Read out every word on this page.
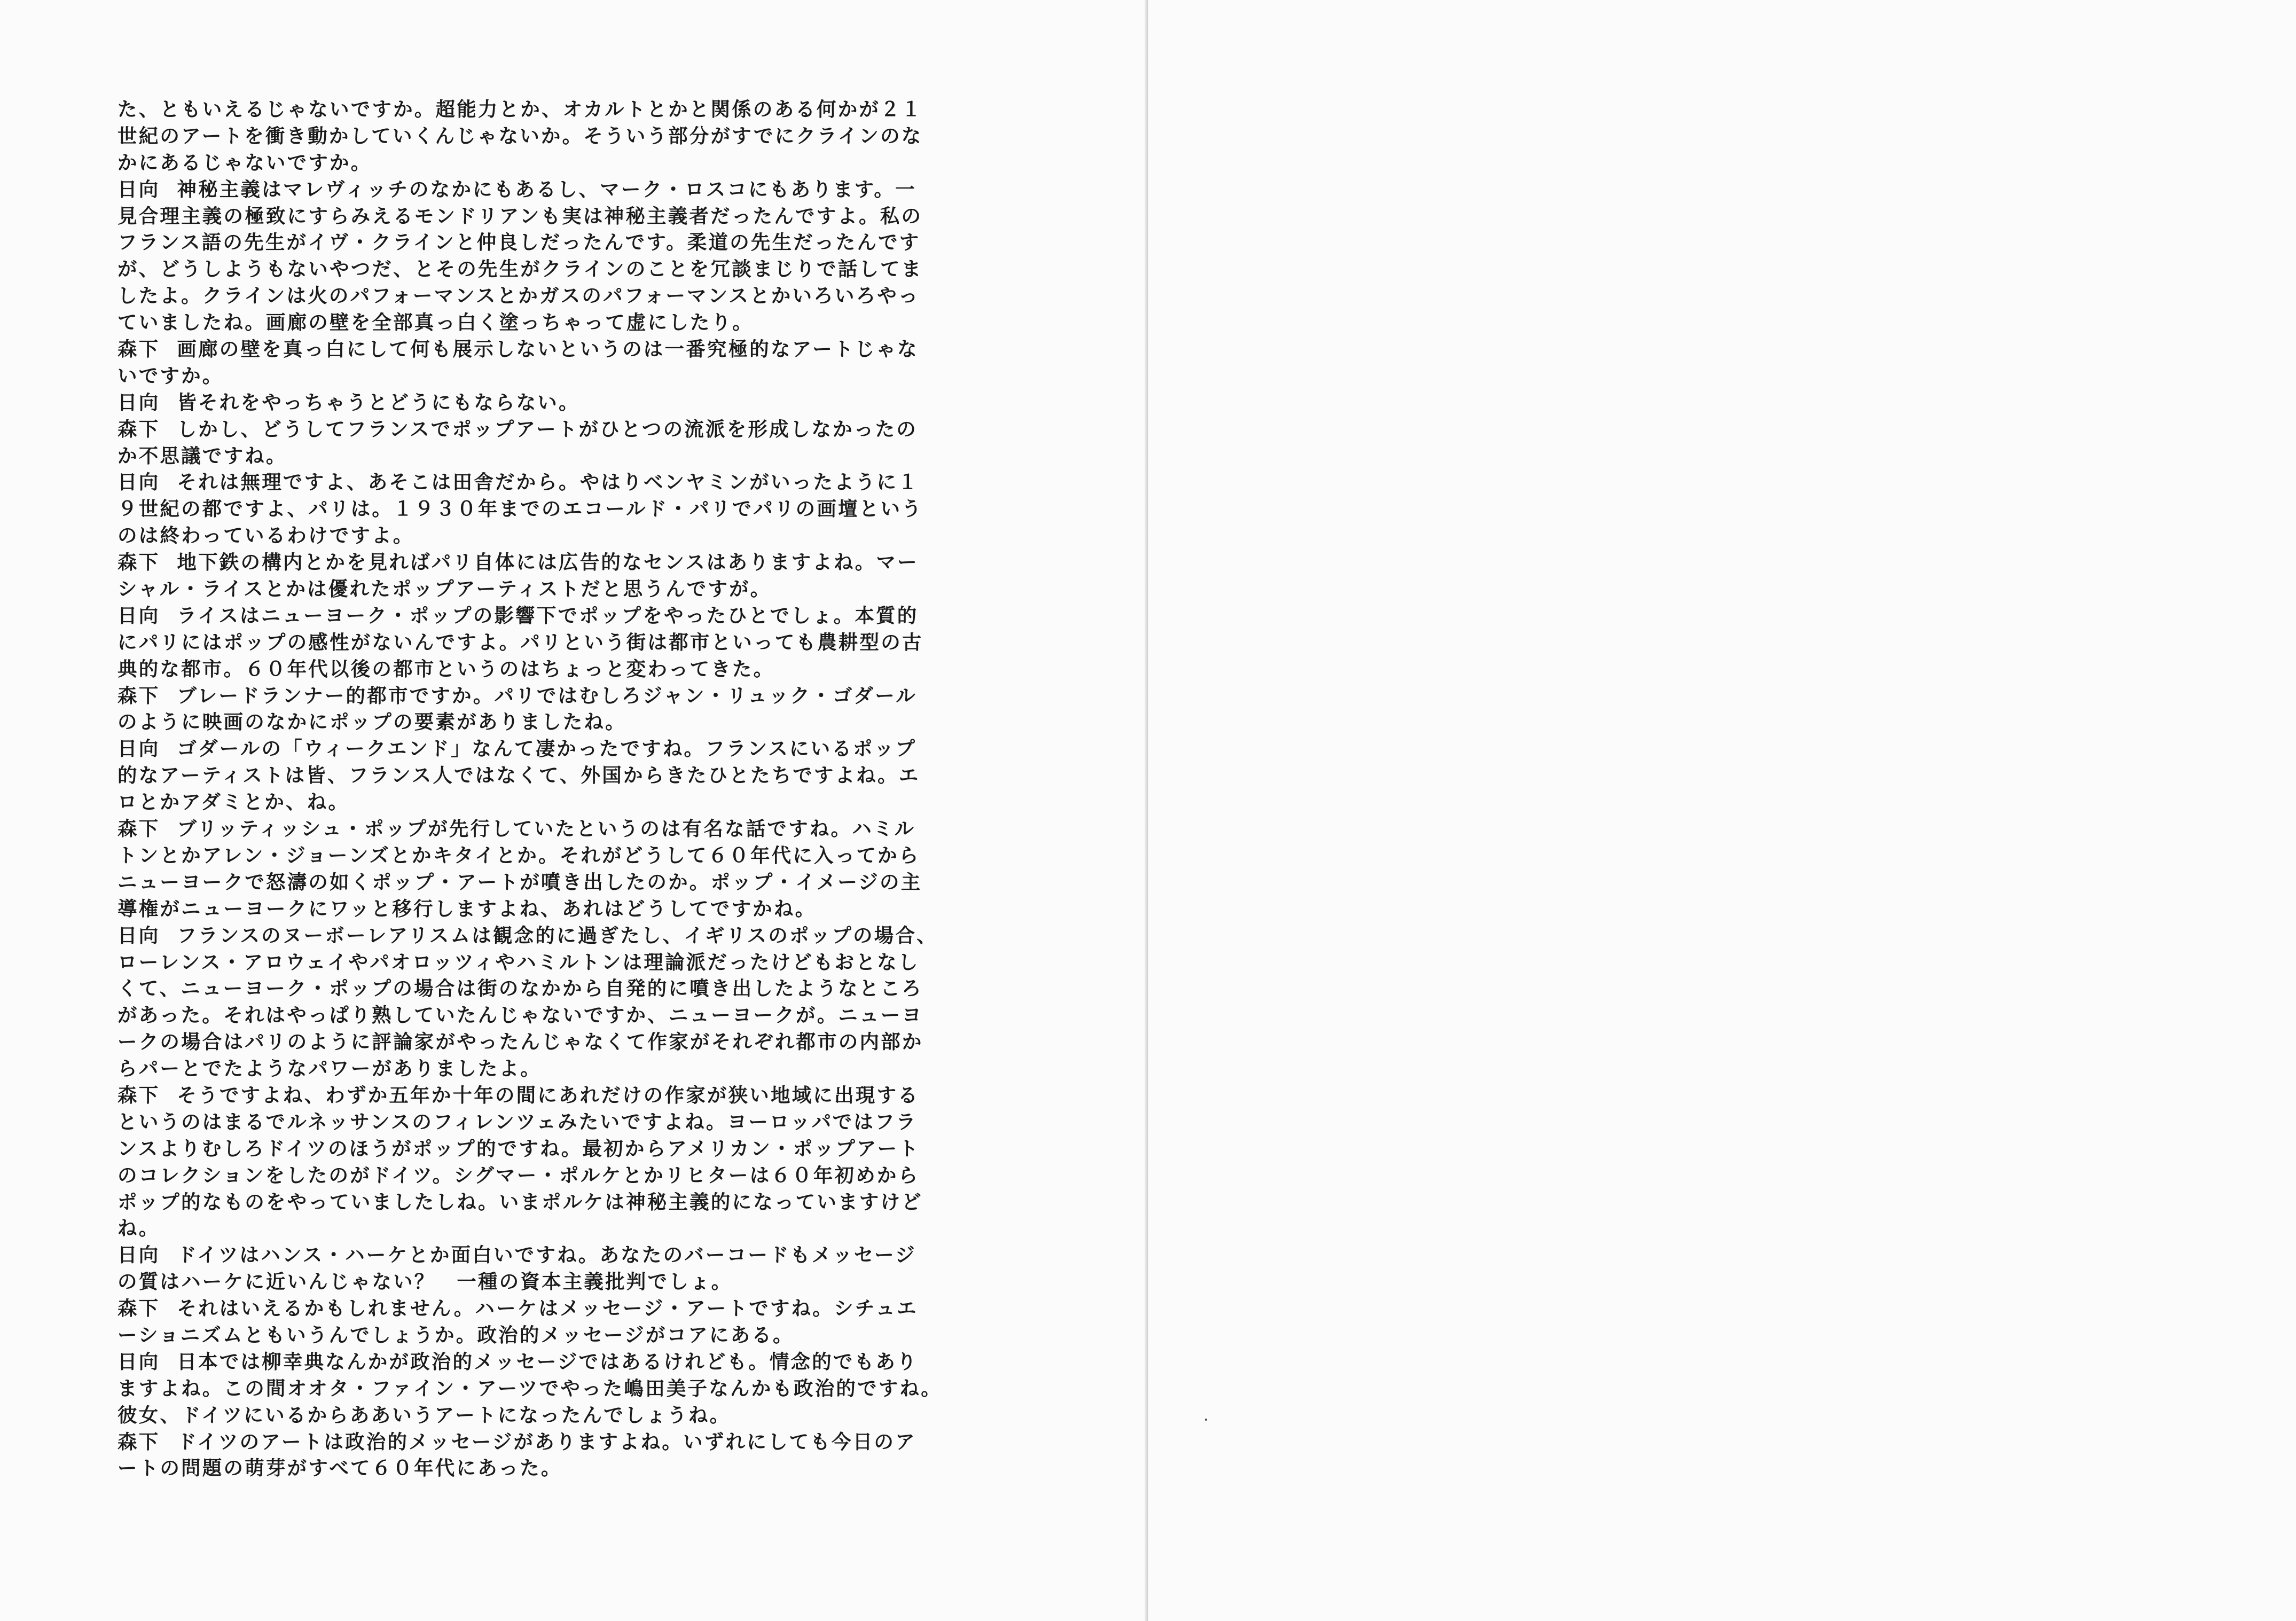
た、ともいえるじゃないですか。超能力とか、オカルトとかと関係のある何かが２１
世紀のアートを衝き動かしていくんじゃないか。そういう部分がすでにクラインのな
かにあるじゃないですか。
日向 神秘主義はマレヴィッチのなかにもあるし、マーク・ロスコにもあります。一
見合理主義の極致にすらみえるモンドリアンも実は神秘主義者だったんですよ。私の
フランス語の先生がイヴ・クラインと仲良しだったんです。柔道の先生だったんです
が、どうしようもないやつだ、とその先生がクラインのことを冗談まじりで話してま
したよ。クラインは火のパフォーマンスとかガスのパフォーマンスとかいろいろやっ
ていましたね。画廊の壁を全部真っ白く塗っちゃって虚にしたり。
森下 画廊の壁を真っ白にして何も展示しないというのは一番究極的なアートじゃな
いですか。
日向 皆それをやっちゃうとどうにもならない。
森下 しかし、どうしてフランスでポップアートがひとつの流派を形成しなかったの
か不思議ですね。
日向 それは無理ですよ、あそこは田舎だから。やはりベンヤミンがいったように１
９世紀の都ですよ、パリは。１９３０年までのエコールド・パリでパリの画壇という
のは終わっているわけですよ。
森下 地下鉄の構内とかを見ればパリ自体には広告的なセンスはありますよね。マー
シャル・ライスとかは優れたポップアーティストだと思うんですが。
日向 ライスはニューヨーク・ポップの影響下でポップをやったひとでしょ。本質的
にパリにはポップの感性がないんですよ。パリという街は都市といっても農耕型の古
典的な都市。６０年代以後の都市というのはちょっと変わってきた。
森下 ブレードランナー的都市ですか。パリではむしろジャン・リュック・ゴダール
のように映画のなかにポップの要素がありましたね。
日向 ゴダールの「ウィークエンド」なんて凄かったですね。フランスにいるポップ
的なアーティストは皆、フランス人ではなくて、外国からきたひとたちですよね。エ
ロとかアダミとか、ね。
森下 ブリッティッシュ・ポップが先行していたというのは有名な話ですね。ハミル
トンとかアレン・ジョーンズとかキタイとか。それがどうして６０年代に入ってから
ニューヨークで怒濤の如くポップ・アートが噴き出したのか。ポップ・イメージの主
導権がニューヨークにワッと移行しますよね、あれはどうしてですかね。
日向 フランスのヌーボーレアリスムは観念的に過ぎたし、イギリスのポップの場合、
ローレンス・アロウェイやパオロッツィやハミルトンは理論派だったけどもおとなし
くて、ニューヨーク・ポップの場合は街のなかから自発的に噴き出したようなところ
があった。それはやっぱり熟していたんじゃないですか、ニューヨークが。ニューヨ
ークの場合はパリのように評論家がやったんじゃなくて作家がそれぞれ都市の内部か
らパーとでたようなパワーがありましたよ。
森下 そうですよね、わずか五年か十年の間にあれだけの作家が狭い地域に出現する
というのはまるでルネッサンスのフィレンツェみたいですよね。ヨーロッパではフラ
ンスよりむしろドイツのほうがポップ的ですね。最初からアメリカン・ポップアート
のコレクションをしたのがドイツ。シグマー・ポルケとかリヒターは６０年初めから
ポップ的なものをやっていましたしね。いまポルケは神秘主義的になっていますけど
ね。
日向 ドイツはハンス・ハーケとか面白いですね。あなたのバーコードもメッセージ
の質はハーケに近いんじゃない？　一種の資本主義批判でしょ。
森下 それはいえるかもしれません。ハーケはメッセージ・アートですね。シチュエ
ーショニズムともいうんでしょうか。政治的メッセージがコアにある。
日向 日本では柳幸典なんかが政治的メッセージではあるけれども。情念的でもあり
ますよね。この間オオタ・ファイン・アーツでやった嶋田美子なんかも政治的ですね。
彼女、ドイツにいるからああいうアートになったんでしょうね。
森下 ドイツのアートは政治的メッセージがありますよね。いずれにしても今日のア
ートの問題の萌芽がすべて６０年代にあった。
